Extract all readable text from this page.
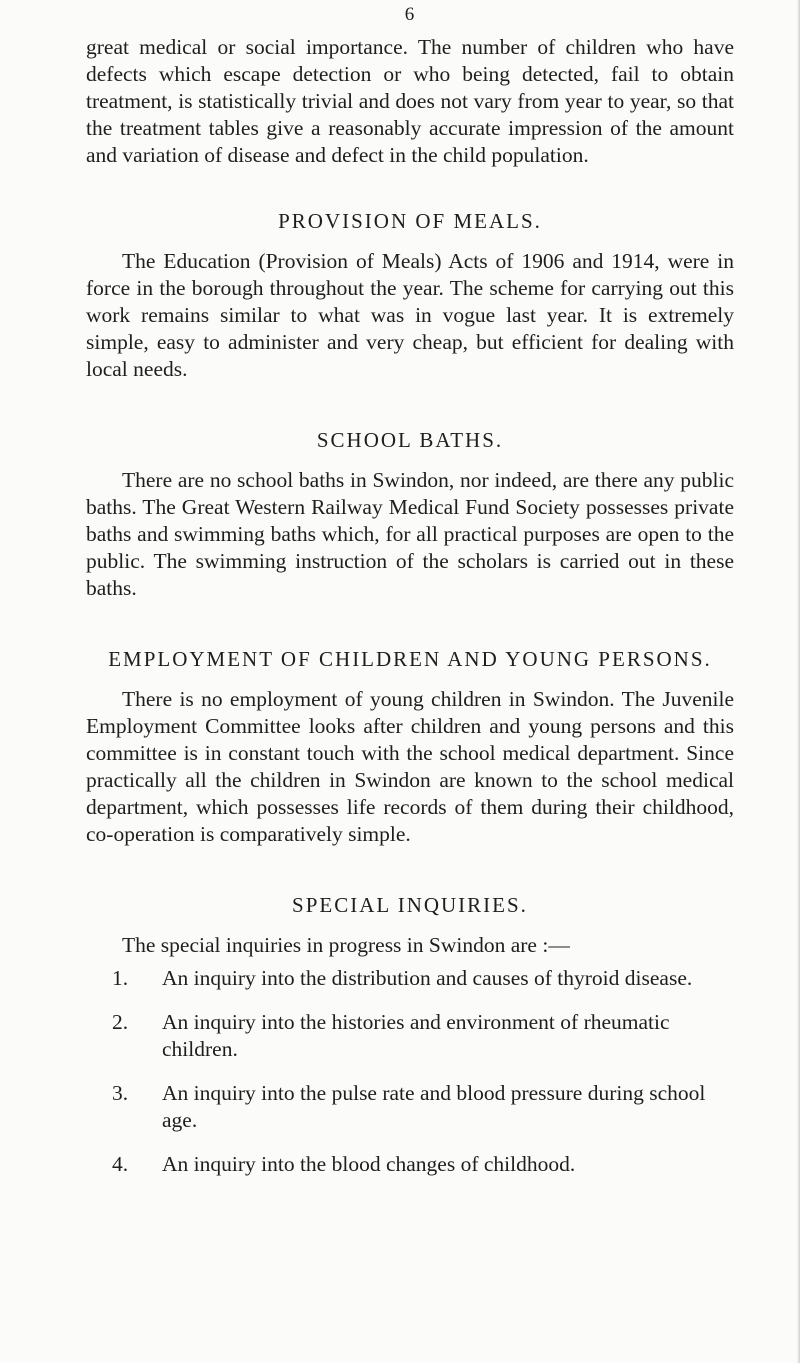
6

great medical or social importance. The number of children who have defects which escape detection or who being detected, fail to obtain treatment, is statistically trivial and does not vary from year to year, so that the treatment tables give a reasonably accurate impression of the amount and variation of disease and defect in the child population.

PROVISION OF MEALS.

The Education (Provision of Meals) Acts of 1906 and 1914, were in force in the borough throughout the year. The scheme for carrying out this work remains similar to what was in vogue last year. It is extremely simple, easy to administer and very cheap, but efficient for dealing with local needs.

SCHOOL BATHS.

There are no school baths in Swindon, nor indeed, are there any public baths. The Great Western Railway Medical Fund Society possesses private baths and swimming baths which, for all practical purposes are open to the public. The swimming instruction of the scholars is carried out in these baths.

EMPLOYMENT OF CHILDREN AND YOUNG PERSONS.

There is no employment of young children in Swindon. The Juvenile Employment Committee looks after children and young persons and this committee is in constant touch with the school medical department. Since practically all the children in Swindon are known to the school medical department, which possesses life records of them during their childhood, co-operation is comparatively simple.

SPECIAL INQUIRIES.

The special inquiries in progress in Swindon are :—

1. An inquiry into the distribution and causes of thyroid disease.
2. An inquiry into the histories and environment of rheumatic children.
3. An inquiry into the pulse rate and blood pressure during school age.
4. An inquiry into the blood changes of childhood.
